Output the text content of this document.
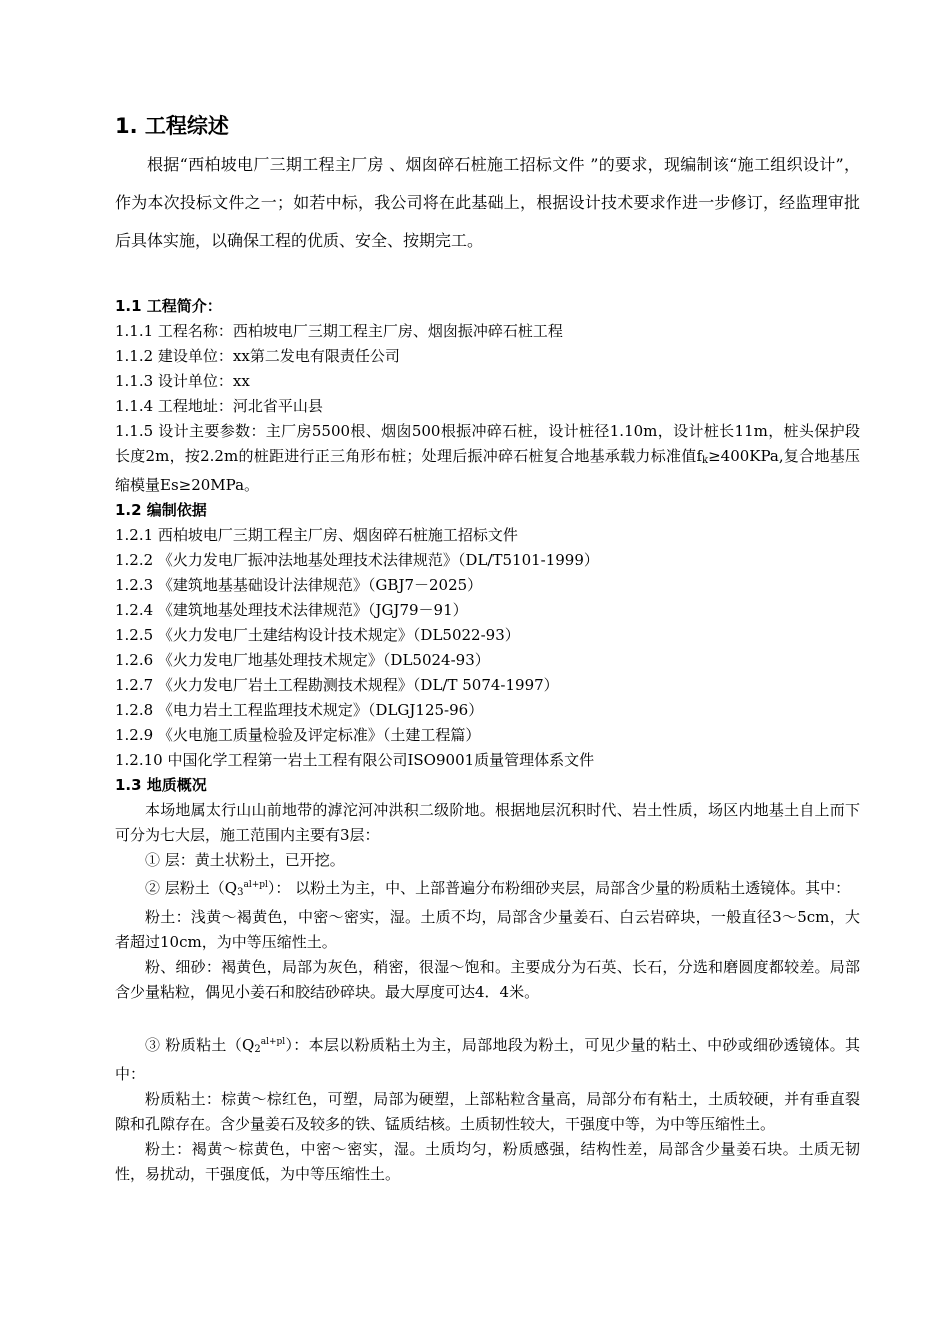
1. 工程综述

根据“西柏坡电厂三期工程主厂房 、烟囱碎石桩施工招标文件 ”的要求，现编制该“施工组织设计”，作为本次投标文件之一；如若中标，我公司将在此基础上，根据设计技术要求作进一步修订，经监理审批后具体实施，以确保工程的优质、安全、按期完工。

1.1 工程简介：

1.1.1 工程名称：西柏坡电厂三期工程主厂房、烟囱振冲碎石桩工程

1.1.2 建设单位：xx第二发电有限责任公司

1.1.3 设计单位：xx

1.1.4 工程地址：河北省平山县

1.1.5 设计主要参数：主厂房5500根、烟囱500根振冲碎石桩，设计桩径1.10m，设计桩长11m，桩头保护段长度2m，按2.2m的桩距进行正三角形布桩；处理后振冲碎石桩复合地基承载力标准值$f_k\ge 400KPa$,复合地基压缩模量Es≥20MPa。

1.2 编制依据

1.2.1 西柏坡电厂三期工程主厂房、烟囱碎石桩施工招标文件

1.2.2 《火力发电厂振冲法地基处理技术法律规范》（DL/T5101-1999）

1.2.3 《建筑地基基础设计法律规范》（GBJ7－2025）

1.2.4 《建筑地基处理技术法律规范》（JGJ79－91）

1.2.5 《火力发电厂土建结构设计技术规定》（DL5022-93）

1.2.6 《火力发电厂地基处理技术规定》（DL5024-93）

1.2.7 《火力发电厂岩土工程勘测技术规程》（DL/T 5074-1997）

1.2.8 《电力岩土工程监理技术规定》（DLGJ125-96）

1.2.9 《火电施工质量检验及评定标准》（土建工程篇）

1.2.10 中国化学工程第一岩土工程有限公司ISO9001质量管理体系文件

1.3 地质概况

本场地属太行山山前地带的滹沱河冲洪积二级阶地。根据地层沉积时代、岩土性质，场区内地基土自上而下可分为七大层，施工范围内主要有3层：

① 层：黄土状粉土，已开挖。

② 层粉土$(Q_3^{al+pl})$： 以粉土为主，中、上部普遍分布粉细砂夹层，局部含少量的粉质粘土透镜体。其中：

粉土：浅黄～褐黄色，中密～密实，湿。土质不均，局部含少量姜石、白云岩碎块，一般直径3～5cm，大者超过10cm，为中等压缩性土。

粉、细砂：褐黄色，局部为灰色，稍密，很湿～饱和。主要成分为石英、长石，分选和磨圆度都较差。局部含少量粘粒，偶见小姜石和胶结砂碎块。最大厚度可达4．4米。

③ 粉质粘土$(Q_2^{al+pl})$：本层以粉质粘土为主，局部地段为粉土，可见少量的粘土、中砂或细砂透镜体。其中：

粉质粘土：棕黄～棕红色，可塑，局部为硬塑，上部粘粒含量高，局部分布有粘土，土质较硬，并有垂直裂隙和孔隙存在。含少量姜石及较多的铁、锰质结核。土质韧性较大，干强度中等，为中等压缩性土。

粉土：褐黄～棕黄色，中密～密实，湿。土质均匀，粉质感强，结构性差，局部含少量姜石块。土质无韧性，易扰动，干强度低，为中等压缩性土。
